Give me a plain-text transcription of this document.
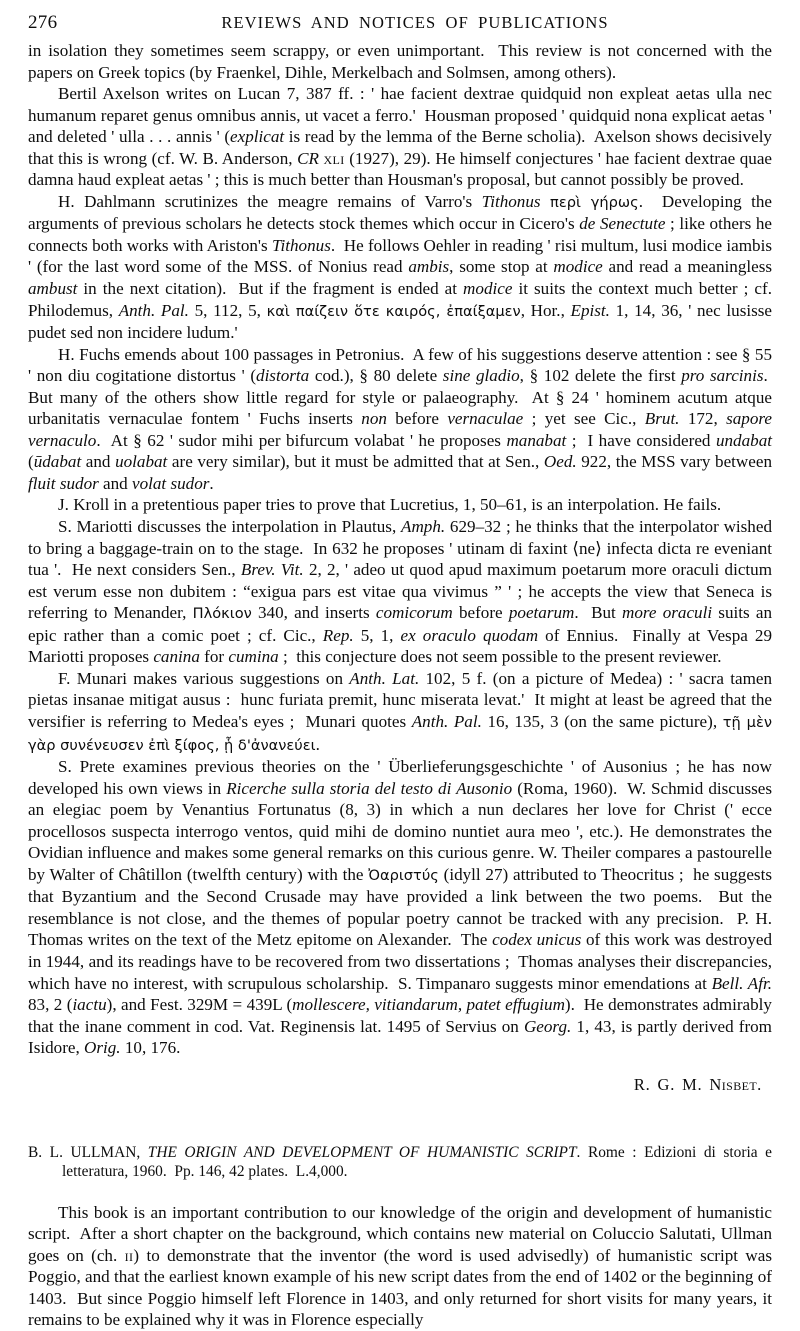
276	REVIEWS AND NOTICES OF PUBLICATIONS

in isolation they sometimes seem scrappy, or even unimportant.  This review is not concerned with the papers on Greek topics (by Fraenkel, Dihle, Merkelbach and Solmsen, among others).

Bertil Axelson writes on Lucan 7, 387 ff. : ' hae facient dextrae quidquid non expleat aetas ulla nec humanum reparet genus omnibus annis, ut vacet a ferro.'  Housman proposed ' quidquid nona explicat aetas ' and deleted ' ulla . . . annis ' (explicat is read by the lemma of the Berne scholia).  Axelson shows decisively that this is wrong (cf. W. B. Anderson, CR xli (1927), 29). He himself conjectures ' hae facient dextrae quae damna haud expleat aetas ' ; this is much better than Housman's proposal, but cannot possibly be proved.

H. Dahlmann scrutinizes the meagre remains of Varro's Tithonus περὶ γήρως.  Developing the arguments of previous scholars he detects stock themes which occur in Cicero's de Senectute ; like others he connects both works with Ariston's Tithonus.  He follows Oehler in reading ' risi multum, lusi modice iambis ' (for the last word some of the MSS. of Nonius read ambis, some stop at modice and read a meaningless ambust in the next citation).  But if the fragment is ended at modice it suits the context much better ; cf. Philodemus, Anth. Pal. 5, 112, 5, καὶ παίζειν ὅτε καιρός, ἐπαίξαμεν, Hor., Epist. 1, 14, 36, ' nec lusisse pudet sed non incidere ludum.'

H. Fuchs emends about 100 passages in Petronius.  A few of his suggestions deserve attention : see § 55 ' non diu cogitatione distortus ' (distorta cod.), § 80 delete sine gladio, § 102 delete the first pro sarcinis.  But many of the others show little regard for style or palaeography.  At § 24 ' hominem acutum atque urbanitatis vernaculae fontem ' Fuchs inserts non before vernaculae ; yet see Cic., Brut. 172, sapore vernaculo.  At § 62 ' sudor mihi per bifurcum volabat ' he proposes manabat ;  I have considered undabat (ūdabat and uolabat are very similar), but it must be admitted that at Sen., Oed. 922, the MSS vary between fluit sudor and volat sudor.

J. Kroll in a pretentious paper tries to prove that Lucretius, 1, 50–61, is an interpolation. He fails.

S. Mariotti discusses the interpolation in Plautus, Amph. 629–32 ; he thinks that the interpolator wished to bring a baggage-train on to the stage.  In 632 he proposes ' utinam di faxint ⟨ne⟩ infecta dicta re eveniant tua '.  He next considers Sen., Brev. Vit. 2, 2, ' adeo ut quod apud maximum poetarum more oraculi dictum est verum esse non dubitem : “exigua pars est vitae qua vivimus ” ' ; he accepts the view that Seneca is referring to Menander, Πλόκιον 340, and inserts comicorum before poetarum.  But more oraculi suits an epic rather than a comic poet ; cf. Cic., Rep. 5, 1, ex oraculo quodam of Ennius.  Finally at Vespa 29 Mariotti proposes canina for cumina ;  this conjecture does not seem possible to the present reviewer.

F. Munari makes various suggestions on Anth. Lat. 102, 5 f. (on a picture of Medea) : ' sacra tamen pietas insanae mitigat ausus :  hunc furiata premit, hunc miserata levat.'  It might at least be agreed that the versifier is referring to Medea's eyes ;  Munari quotes Anth. Pal. 16, 135, 3 (on the same picture), τῇ μὲν γὰρ συνένευσεν ἐπὶ ξίφος, ᾗ δ'ἀνανεύει.

S. Prete examines previous theories on the ' Überlieferungsgeschichte ' of Ausonius ; he has now developed his own views in Ricerche sulla storia del testo di Ausonio (Roma, 1960).  W. Schmid discusses an elegiac poem by Venantius Fortunatus (8, 3) in which a nun declares her love for Christ (' ecce procellosos suspecta interrogo ventos, quid mihi de domino nuntiet aura meo ', etc.). He demonstrates the Ovidian influence and makes some general remarks on this curious genre. W. Theiler compares a pastourelle by Walter of Châtillon (twelfth century) with the Ὀαριστύς (idyll 27) attributed to Theocritus ;  he suggests that Byzantium and the Second Crusade may have provided a link between the two poems.  But the resemblance is not close, and the themes of popular poetry cannot be tracked with any precision.  P. H. Thomas writes on the text of the Metz epitome on Alexander.  The codex unicus of this work was destroyed in 1944, and its readings have to be recovered from two dissertations ;  Thomas analyses their discrepancies, which have no interest, with scrupulous scholarship.  S. Timpanaro suggests minor emendations at Bell. Afr. 83, 2 (iactu), and Fest. 329M = 439L (mollescere, vitiandarum, patet effugium).  He demonstrates admirably that the inane comment in cod. Vat. Reginensis lat. 1495 of Servius on Georg. 1, 43, is partly derived from Isidore, Orig. 10, 176.

R. G. M. Nisbet.

B. L. ULLMAN, THE ORIGIN AND DEVELOPMENT OF HUMANISTIC SCRIPT. Rome : Edizioni di storia e letteratura, 1960.  Pp. 146, 42 plates.  L.4,000.

This book is an important contribution to our knowledge of the origin and development of humanistic script.  After a short chapter on the background, which contains new material on Coluccio Salutati, Ullman goes on (ch. ii) to demonstrate that the inventor (the word is used advisedly) of humanistic script was Poggio, and that the earliest known example of his new script dates from the end of 1402 or the beginning of 1403.  But since Poggio himself left Florence in 1403, and only returned for short visits for many years, it remains to be explained why it was in Florence especially
